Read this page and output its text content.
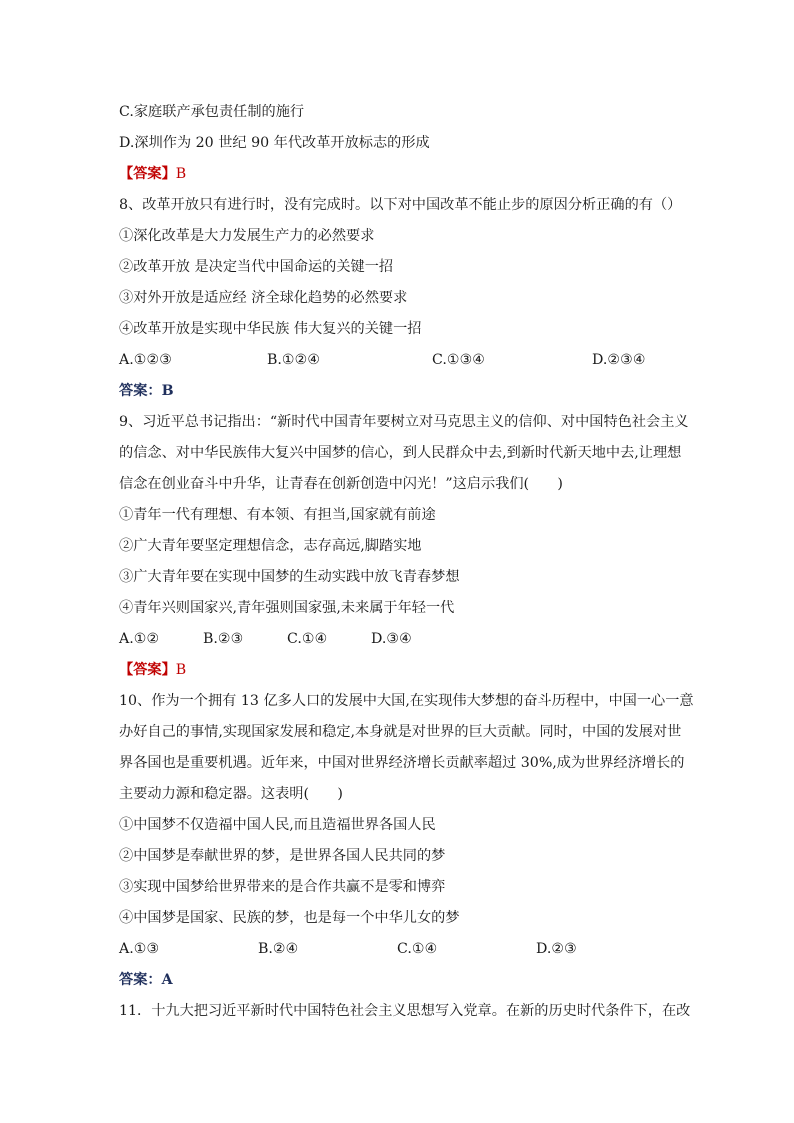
C.家庭联产承包责任制的施行
D.深圳作为 20 世纪 90 年代改革开放标志的形成
【答案】B
8、改革开放只有进行时，没有完成时。以下对中国改革不能止步的原因分析正确的有（）
①深化改革是大力发展生产力的必然要求
②改革开放 是决定当代中国命运的关键一招
③对外开放是适应经 济全球化趋势的必然要求
④改革开放是实现中华民族 伟大复兴的关键一招
A.①②③	B.①②④	C.①③④	D.②③④
答案：B
9、习近平总书记指出：“新时代中国青年要树立对马克思主义的信仰、对中国特色社会主义
的信念、对中华民族伟大复兴中国梦的信心，到人民群众中去,到新时代新天地中去,让理想
信念在创业奋斗中升华，让青春在创新创造中闪光！”这启示我们(　　)
①青年一代有理想、有本领、有担当,国家就有前途
②广大青年要坚定理想信念，志存高远,脚踏实地
③广大青年要在实现中国梦的生动实践中放飞青春梦想
④青年兴则国家兴,青年强则国家强,未来属于年轻一代
A.①②	B.②③	C.①④	D.③④
【答案】B
10、作为一个拥有 13 亿多人口的发展中大国,在实现伟大梦想的奋斗历程中，中国一心一意
办好自己的事情,实现国家发展和稳定,本身就是对世界的巨大贡献。同时，中国的发展对世
界各国也是重要机遇。近年来，中国对世界经济增长贡献率超过 30%,成为世界经济增长的
主要动力源和稳定器。这表明(　　)
①中国梦不仅造福中国人民,而且造福世界各国人民
②中国梦是奉献世界的梦，是世界各国人民共同的梦
③实现中国梦给世界带来的是合作共赢不是零和博弈
④中国梦是国家、民族的梦，也是每一个中华儿女的梦
A.①③	B.②④	C.①④	D.②③
答案：A
11．十九大把习近平新时代中国特色社会主义思想写入党章。在新的历史时代条件下，在改
